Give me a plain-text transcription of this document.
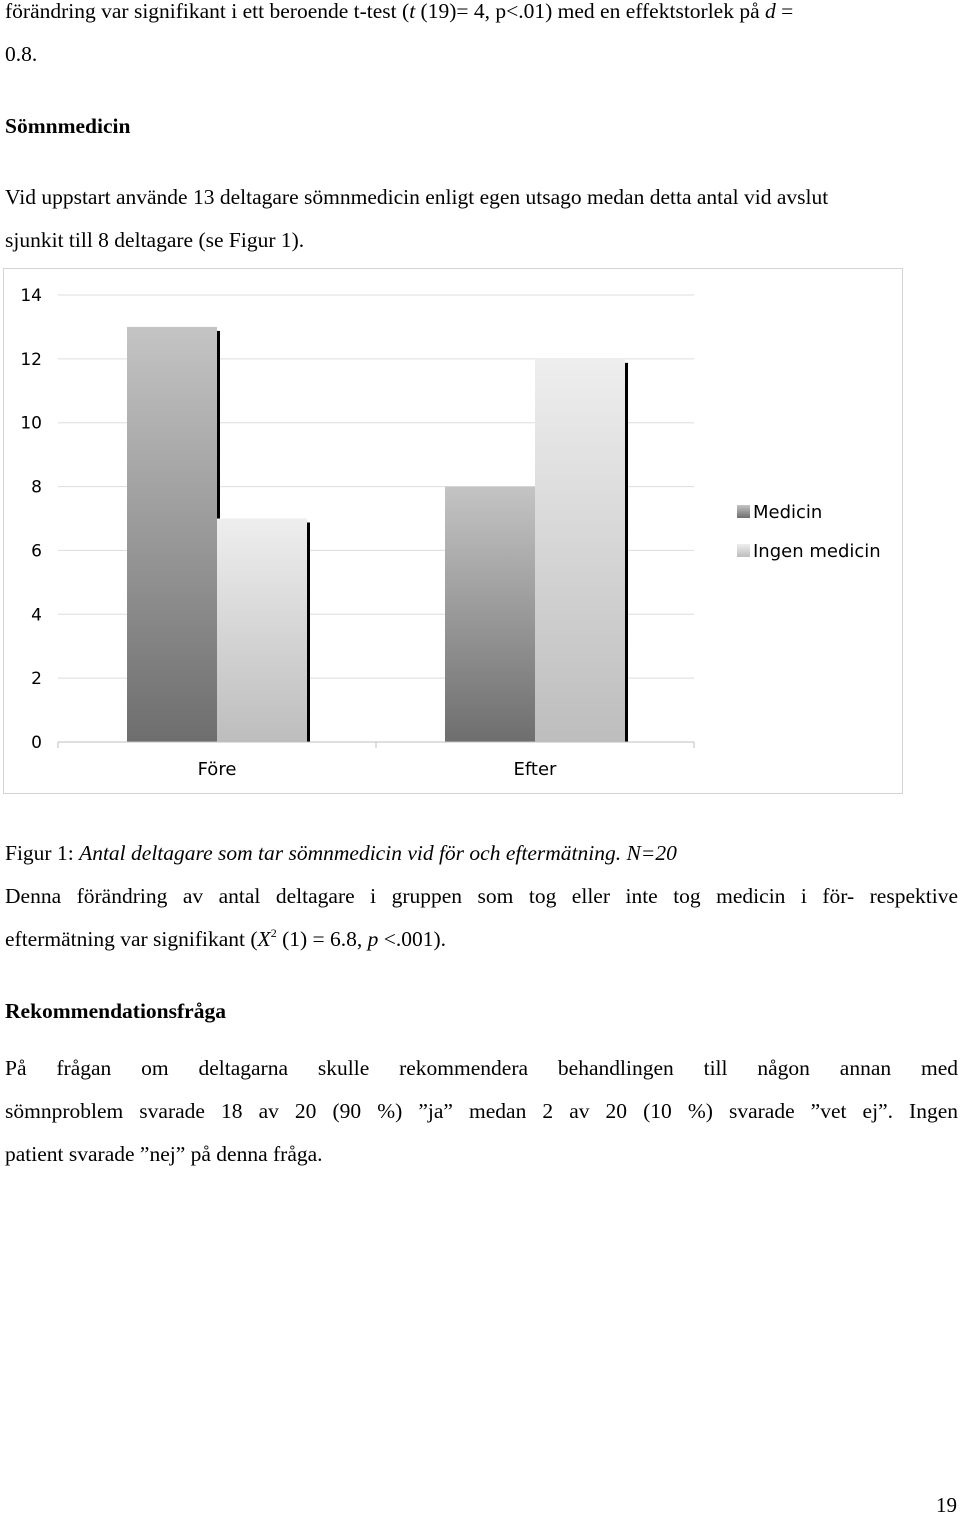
förändring var signifikant i ett beroende t-test (t (19)= 4, p<.01) med en effektstorlek på d =
0.8.
Sömnmedicin
Vid uppstart använde 13 deltagare sömnmedicin enligt egen utsago medan detta antal vid avslut
sjunkit till 8 deltagare (se Figur 1).
0
2
4
6
8
10
12
14
Före	Efter
Medicin
Ingen medicin
Figur 1: Antal deltagare som tar sömnmedicin vid för och eftermätning. N=20
Denna förändring av antal deltagare i gruppen som tog eller inte tog medicin i för- respektive
eftermätning var signifikant ($X^2$ (1) = 6.8, p <.001).
Rekommendationsfråga
På frågan om deltagarna skulle rekommendera behandlingen till någon annan med
sömnproblem svarade 18 av 20 (90 %) ”ja” medan 2 av 20 (10 %) svarade ”vet ej”. Ingen
patient svarade ”nej” på denna fråga.
19
